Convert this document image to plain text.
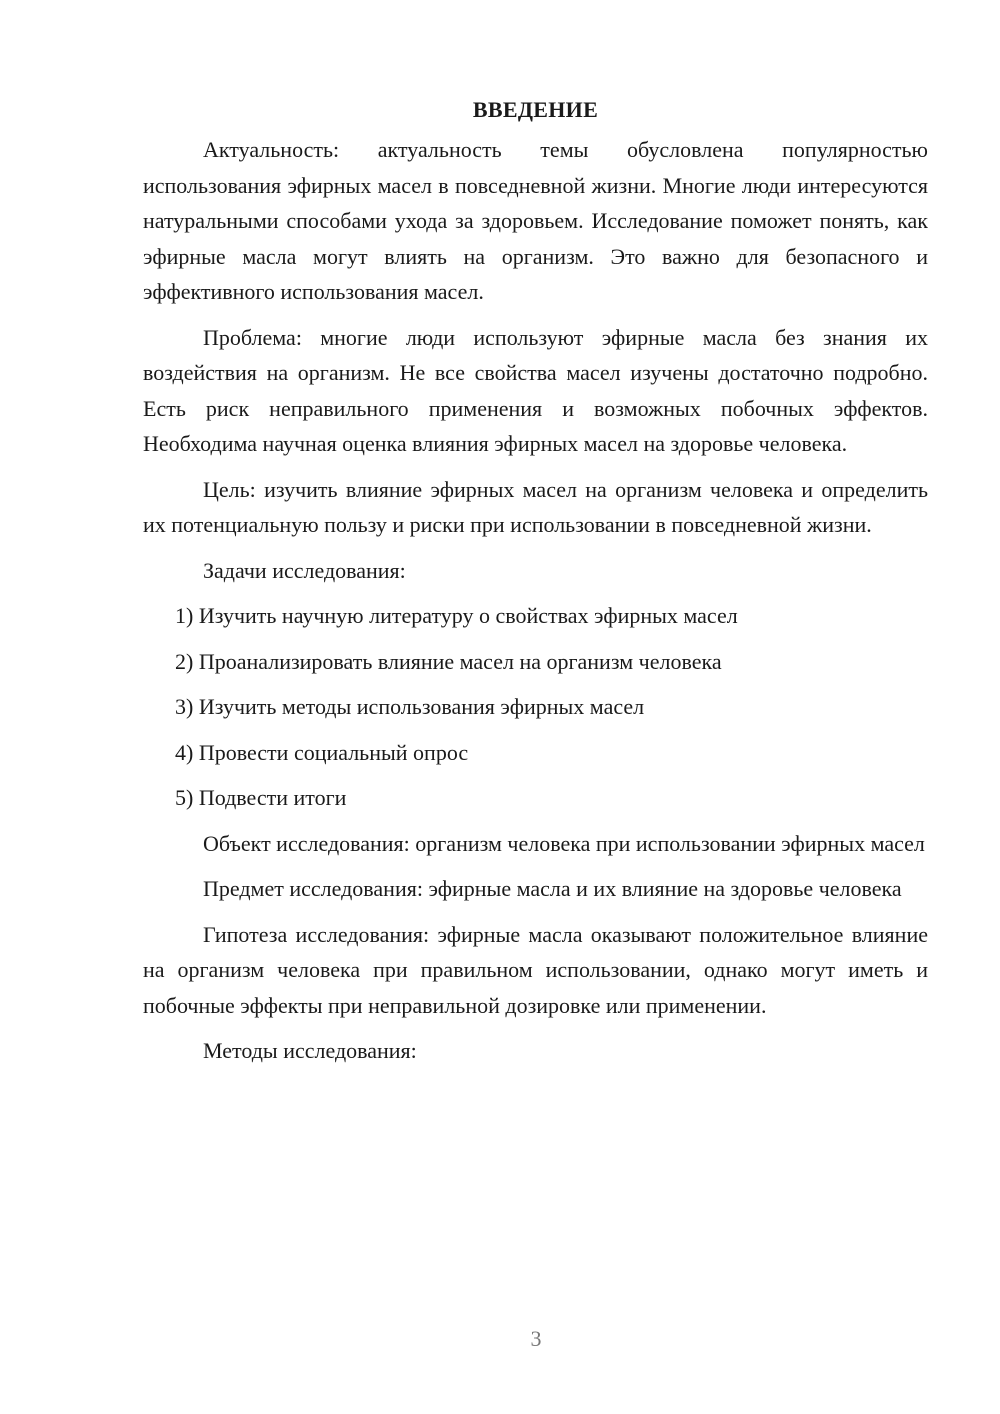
ВВЕДЕНИЕ

Актуальность: актуальность темы обусловлена популярностью использования эфирных масел в повседневной жизни. Многие люди интересуются натуральными способами ухода за здоровьем. Исследование поможет понять, как эфирные масла могут влиять на организм. Это важно для безопасного и эффективного использования масел.

Проблема: многие люди используют эфирные масла без знания их воздействия на организм. Не все свойства масел изучены достаточно подробно. Есть риск неправильного применения и возможных побочных эффектов. Необходима научная оценка влияния эфирных масел на здоровье человека.

Цель: изучить влияние эфирных масел на организм человека и определить их потенциальную пользу и риски при использовании в повседневной жизни.

Задачи исследования:

1) Изучить научную литературу о свойствах эфирных масел
2) Проанализировать влияние масел на организм человека
3) Изучить методы использования эфирных масел
4) Провести социальный опрос
5) Подвести итоги

Объект исследования: организм человека при использовании эфирных масел

Предмет исследования: эфирные масла и их влияние на здоровье человека

Гипотеза исследования: эфирные масла оказывают положительное влияние на организм человека при правильном использовании, однако могут иметь и побочные эффекты при неправильной дозировке или применении.

Методы исследования:

3
